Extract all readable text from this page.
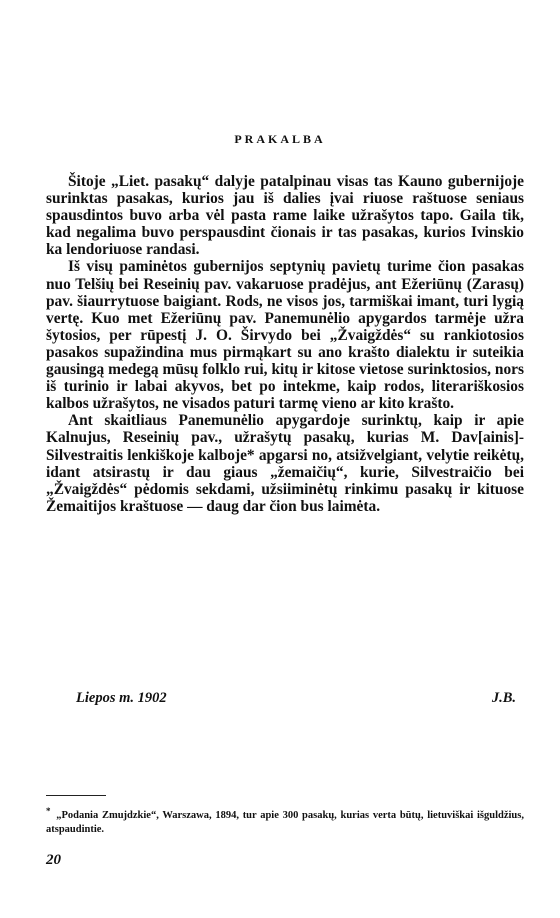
PRAKALBA

Šitoje „Liet. pasakų“ dalyje patalpinau visas tas Kauno gubernijoje surinktas pasakas, kurios jau iš dalies įvai riuose raštuose seniaus spausdintos buvo arba vėl pasta rame laike užrašytos tapo. Gaila tik, kad negalima buvo perspausdint čionais ir tas pasakas, kurios Ivinskio ka lendoriuose randasi.

Iš visų paminėtos gubernijos septynių pavietų turime čion pasakas nuo Telšių bei Reseinių pav. vakaruose pradėjus, ant Ežeriūnų (Zarasų) pav. šiaurrytuose baigiant. Rods, ne visos jos, tarmiškai imant, turi lygią vertę. Kuo met Ežeriūnų pav. Panemunėlio apygardos tarmėje užra šytosios, per rūpestį J. O. Širvydo bei „Žvaigždės“ su rankiotosios pasakos supažindina mus pirmąkart su ano krašto dialektu ir suteikia gausingą medegą mūsų folklo rui, kitų ir kitose vietose surinktosios, nors iš turinio ir labai akyvos, bet po intekme, kaip rodos, literariškosios kalbos užrašytos, ne visados paturi tarmę vieno ar kito krašto.

Ant skaitliaus Panemunėlio apygardoje surinktų, kaip ir apie Kalnujus, Reseinių pav., užrašytų pasakų, kurias M. Dav[ainis]-Silvestraitis lenkiškoje kalboje* apgarsi no, atsižvelgiant, velytie reikėtų, idant atsirastų ir dau giaus „žemaičių“, kurie, Silvestraičio bei „Žvaigždės“ pėdomis sekdami, užsiiminėtų rinkimu pasakų ir kituose Žemaitijos kraštuose — daug dar čion bus laimėta.

Liepos m. 1902	J.B.
* „Podania Zmujdzkie“, Warszawa, 1894, tur apie 300 pasakų, kurias verta būtų, lietuviškai išguldžius, atspaudintie.
20
